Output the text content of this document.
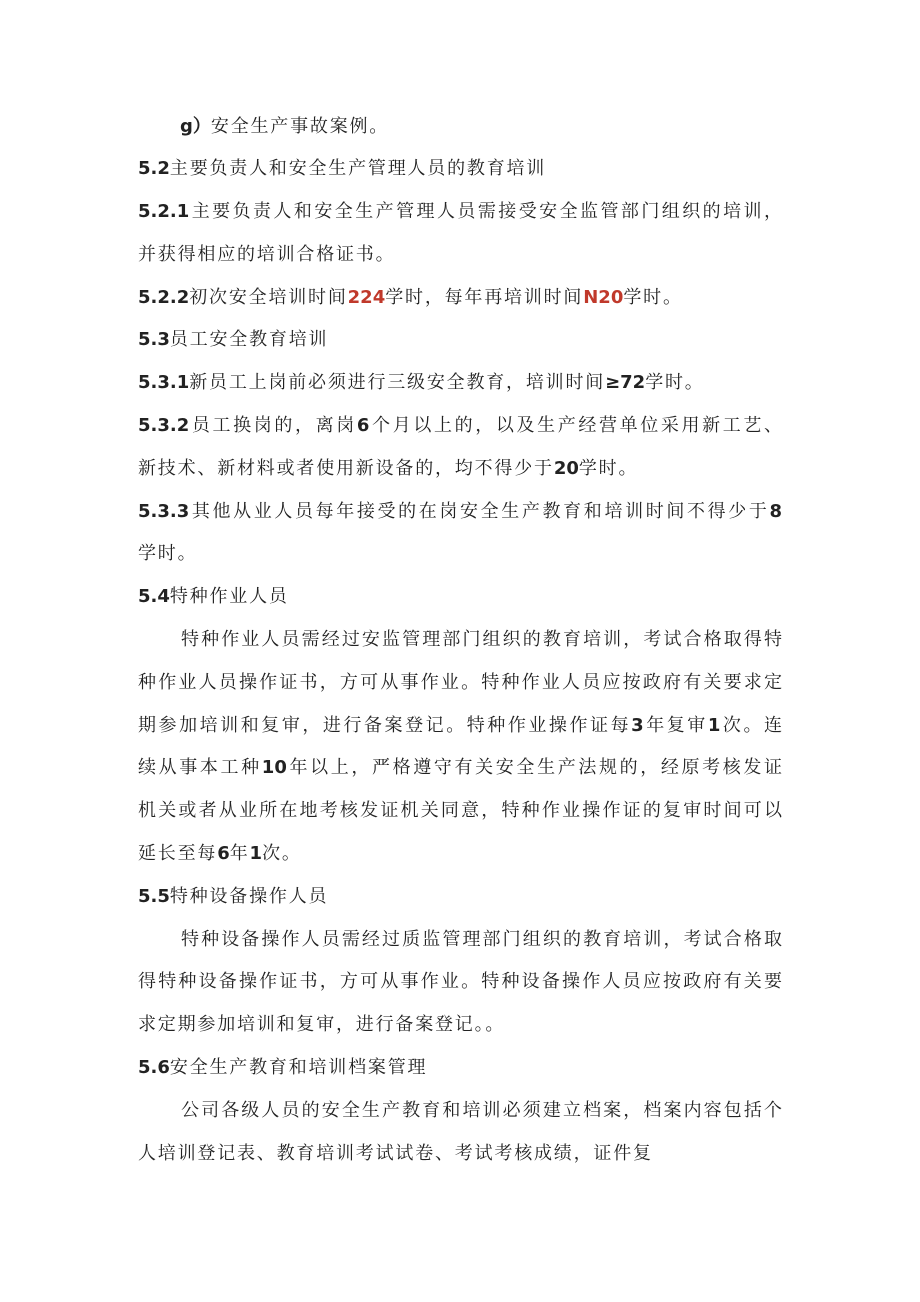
g）安全生产事故案例。
5.2主要负责人和安全生产管理人员的教育培训
5.2.1主要负责人和安全生产管理人员需接受安全监管部门组织的培训，
并获得相应的培训合格证书。
5.2.2初次安全培训时间224学时，每年再培训时间N20学时。
5.3员工安全教育培训
5.3.1新员工上岗前必须进行三级安全教育，培训时间≥72学时。
5.3.2员工换岗的，离岗6个月以上的，以及生产经营单位采用新工艺、
新技术、新材料或者使用新设备的，均不得少于20学时。
5.3.3其他从业人员每年接受的在岗安全生产教育和培训时间不得少于8
学时。
5.4特种作业人员
特种作业人员需经过安监管理部门组织的教育培训，考试合格取得特
种作业人员操作证书，方可从事作业。特种作业人员应按政府有关要求定
期参加培训和复审，进行备案登记。特种作业操作证每3年复审1次。连
续从事本工种10年以上，严格遵守有关安全生产法规的，经原考核发证
机关或者从业所在地考核发证机关同意，特种作业操作证的复审时间可以
延长至每6年1次。
5.5特种设备操作人员
特种设备操作人员需经过质监管理部门组织的教育培训，考试合格取
得特种设备操作证书，方可从事作业。特种设备操作人员应按政府有关要
求定期参加培训和复审，进行备案登记。。
5.6安全生产教育和培训档案管理
公司各级人员的安全生产教育和培训必须建立档案，档案内容包括个
人培训登记表、教育培训考试试卷、考试考核成绩，证件复
